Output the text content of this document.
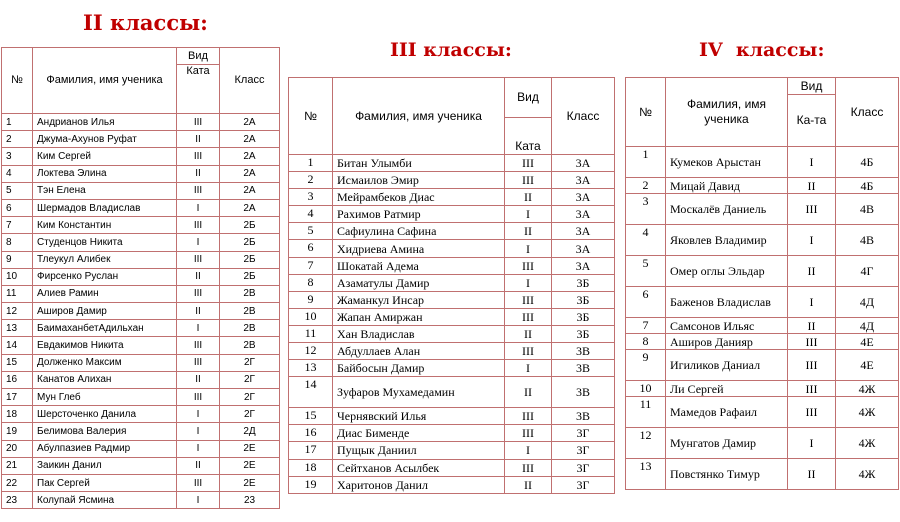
II классы:
III классы:	IV  классы:
№	Фамилия, имя ученика	Вид	Класс
		Ката	
1	Андрианов Илья	III	2А
2	Джума-Ахунов Руфат	II	2А
3	Ким Сергей	III	2А
4	Локтева Элина	II	2А
5	Тэн Елена	III	2А
6	Шермадов Владислав	I	2А
7	Ким Константин	III	2Б
8	Студенцов Никита	I	2Б
9	Тлеукул Алибек	III	2Б
10	Фирсенко Руслан	II	2Б
11	Алиев Рамин	III	2В
12	Аширов Дамир	II	2В
13	БаимаханбетАдильхан	I	2В
14	Евдакимов Никита	III	2В
15	Долженко Максим	III	2Г
16	Канатов Алихан	II	2Г
17	Мун Глеб	III	2Г
18	Шерсточенко Данила	I	2Г
19	Белимова Валерия	I	2Д
20	Абулпазиев Радмир	I	2Е
21	Заикин Данил	II	2Е
22	Пак Сергей	III	2Е
23	Колупай Ясмина	I	23
№	Фамилия, имя ученика	Вид	Класс
		Ката	
1	Битан Улымби	III	3А
2	Исмаилов Эмир	III	3А
3	Мейрамбеков Диас	II	3А
4	Рахимов Ратмир	I	3А
5	Сафиулина Сафина	II	3А
6	Хидриева Амина	I	3А
7	Шокатай Адема	III	3А
8	Азаматулы Дамир	I	3Б
9	Жаманкул Инсар	III	3Б
10	Жапан Амиржан	III	3Б
11	Хан Владислав	II	3Б
12	Абдуллаев Алан	III	3В
13	Байбосын Дамир	I	3В
14	Зуфаров Мухамедамин	II	3В
15	Чернявский Илья	III	3В
16	Диас Бименде	III	3Г
17	Пущык Даниил	I	3Г
18	Сейтханов Асылбек	III	3Г
19	Харитонов Данил	II	3Г
№	Фамилия, имя ученика	Вид	Класс
		Ка-та	
1	Кумеков Арыстан	I	4Б
2	Мицай Давид	II	4Б
3	Москалёв Даниель	III	4В
4	Яковлев Владимир	I	4В
5	Омер оглы Эльдар	II	4Г
6	Баженов Владислав	I	4Д
7	Самсонов Ильяс	II	4Д
8	Аширов Данияр	III	4Е
9	Игиликов Даниал	III	4Е
10	Ли Сергей	III	4Ж
11	Мамедов Рафаил	III	4Ж
12	Мунгатов Дамир	I	4Ж
13	Повстянко Тимур	II	4Ж
